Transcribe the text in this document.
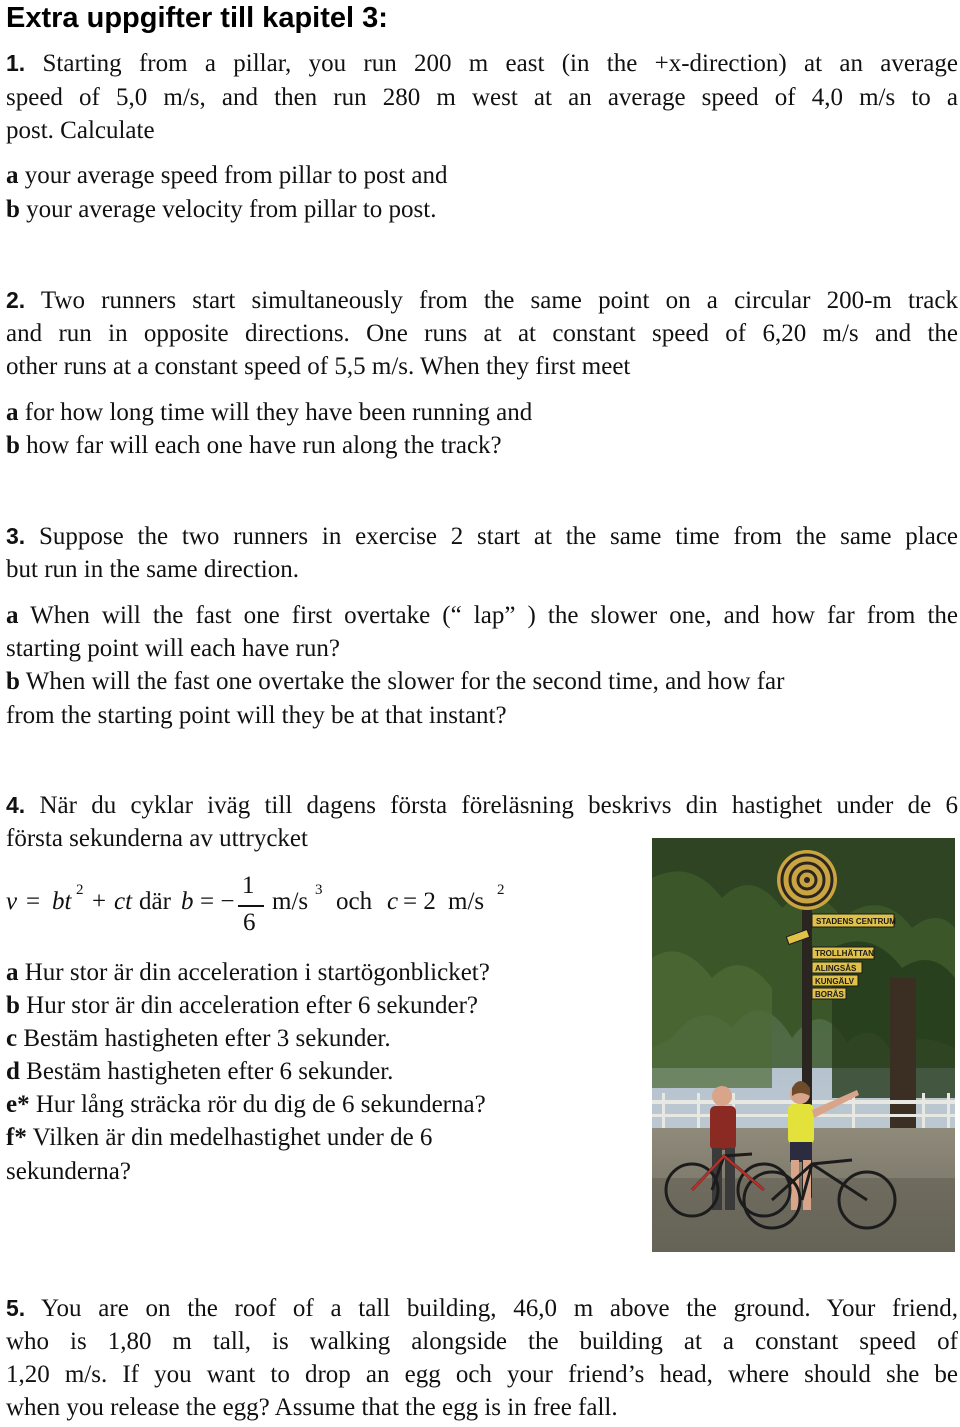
Extra uppgifter till kapitel 3:
1. Starting from a pillar, you run 200 m east (in the +x-direction) at an average
speed of 5,0 m/s, and then run 280 m west at an average speed of 4,0 m/s to a
post. Calculate
a your average speed from pillar to post and
b your average velocity from pillar to post.
2. Two runners start simultaneously from the same point on a circular 200-m track
and run in opposite directions. One runs at at constant speed of 6,20 m/s and the
other runs at a constant speed of 5,5 m/s. When they first meet
a for how long time will they have been running and
b how far will each one have run along the track?
3. Suppose the two runners in exercise 2 start at the same time from the same place
but run in the same direction.
a When will the fast one first overtake (“ lap” ) the slower one, and how far from the
starting point will each have run?
b When will the fast one overtake the slower for the second time, and how far
from the starting point will they be at that instant?
4. När du cyklar iväg till dagens första föreläsning beskrivs din hastighet under de 6
första sekunderna av uttrycket
v = bt 2 + ct där b = −
1
6
m/s 3 och c = 2 m/s 2
a Hur stor är din acceleration i startögonblicket?
b Hur stor är din acceleration efter 6 sekunder?
c Bestäm hastigheten efter 3 sekunder.
d Bestäm hastigheten efter 6 sekunder.
e* Hur lång sträcka rör du dig de 6 sekunderna?
f* Vilken är din medelhastighet under de 6
sekunderna?
STADENS CENTRUM
TROLLHÄTTAN
ALINGSÅS
KUNGÄLV
BORÅS
5. You are on the roof of a tall building, 46,0 m above the ground. Your friend,
who is 1,80 m tall, is walking alongside the building at a constant speed of
1,20 m/s. If you want to drop an egg och your friend’s head, where should she be
when you release the egg? Assume that the egg is in free fall.
